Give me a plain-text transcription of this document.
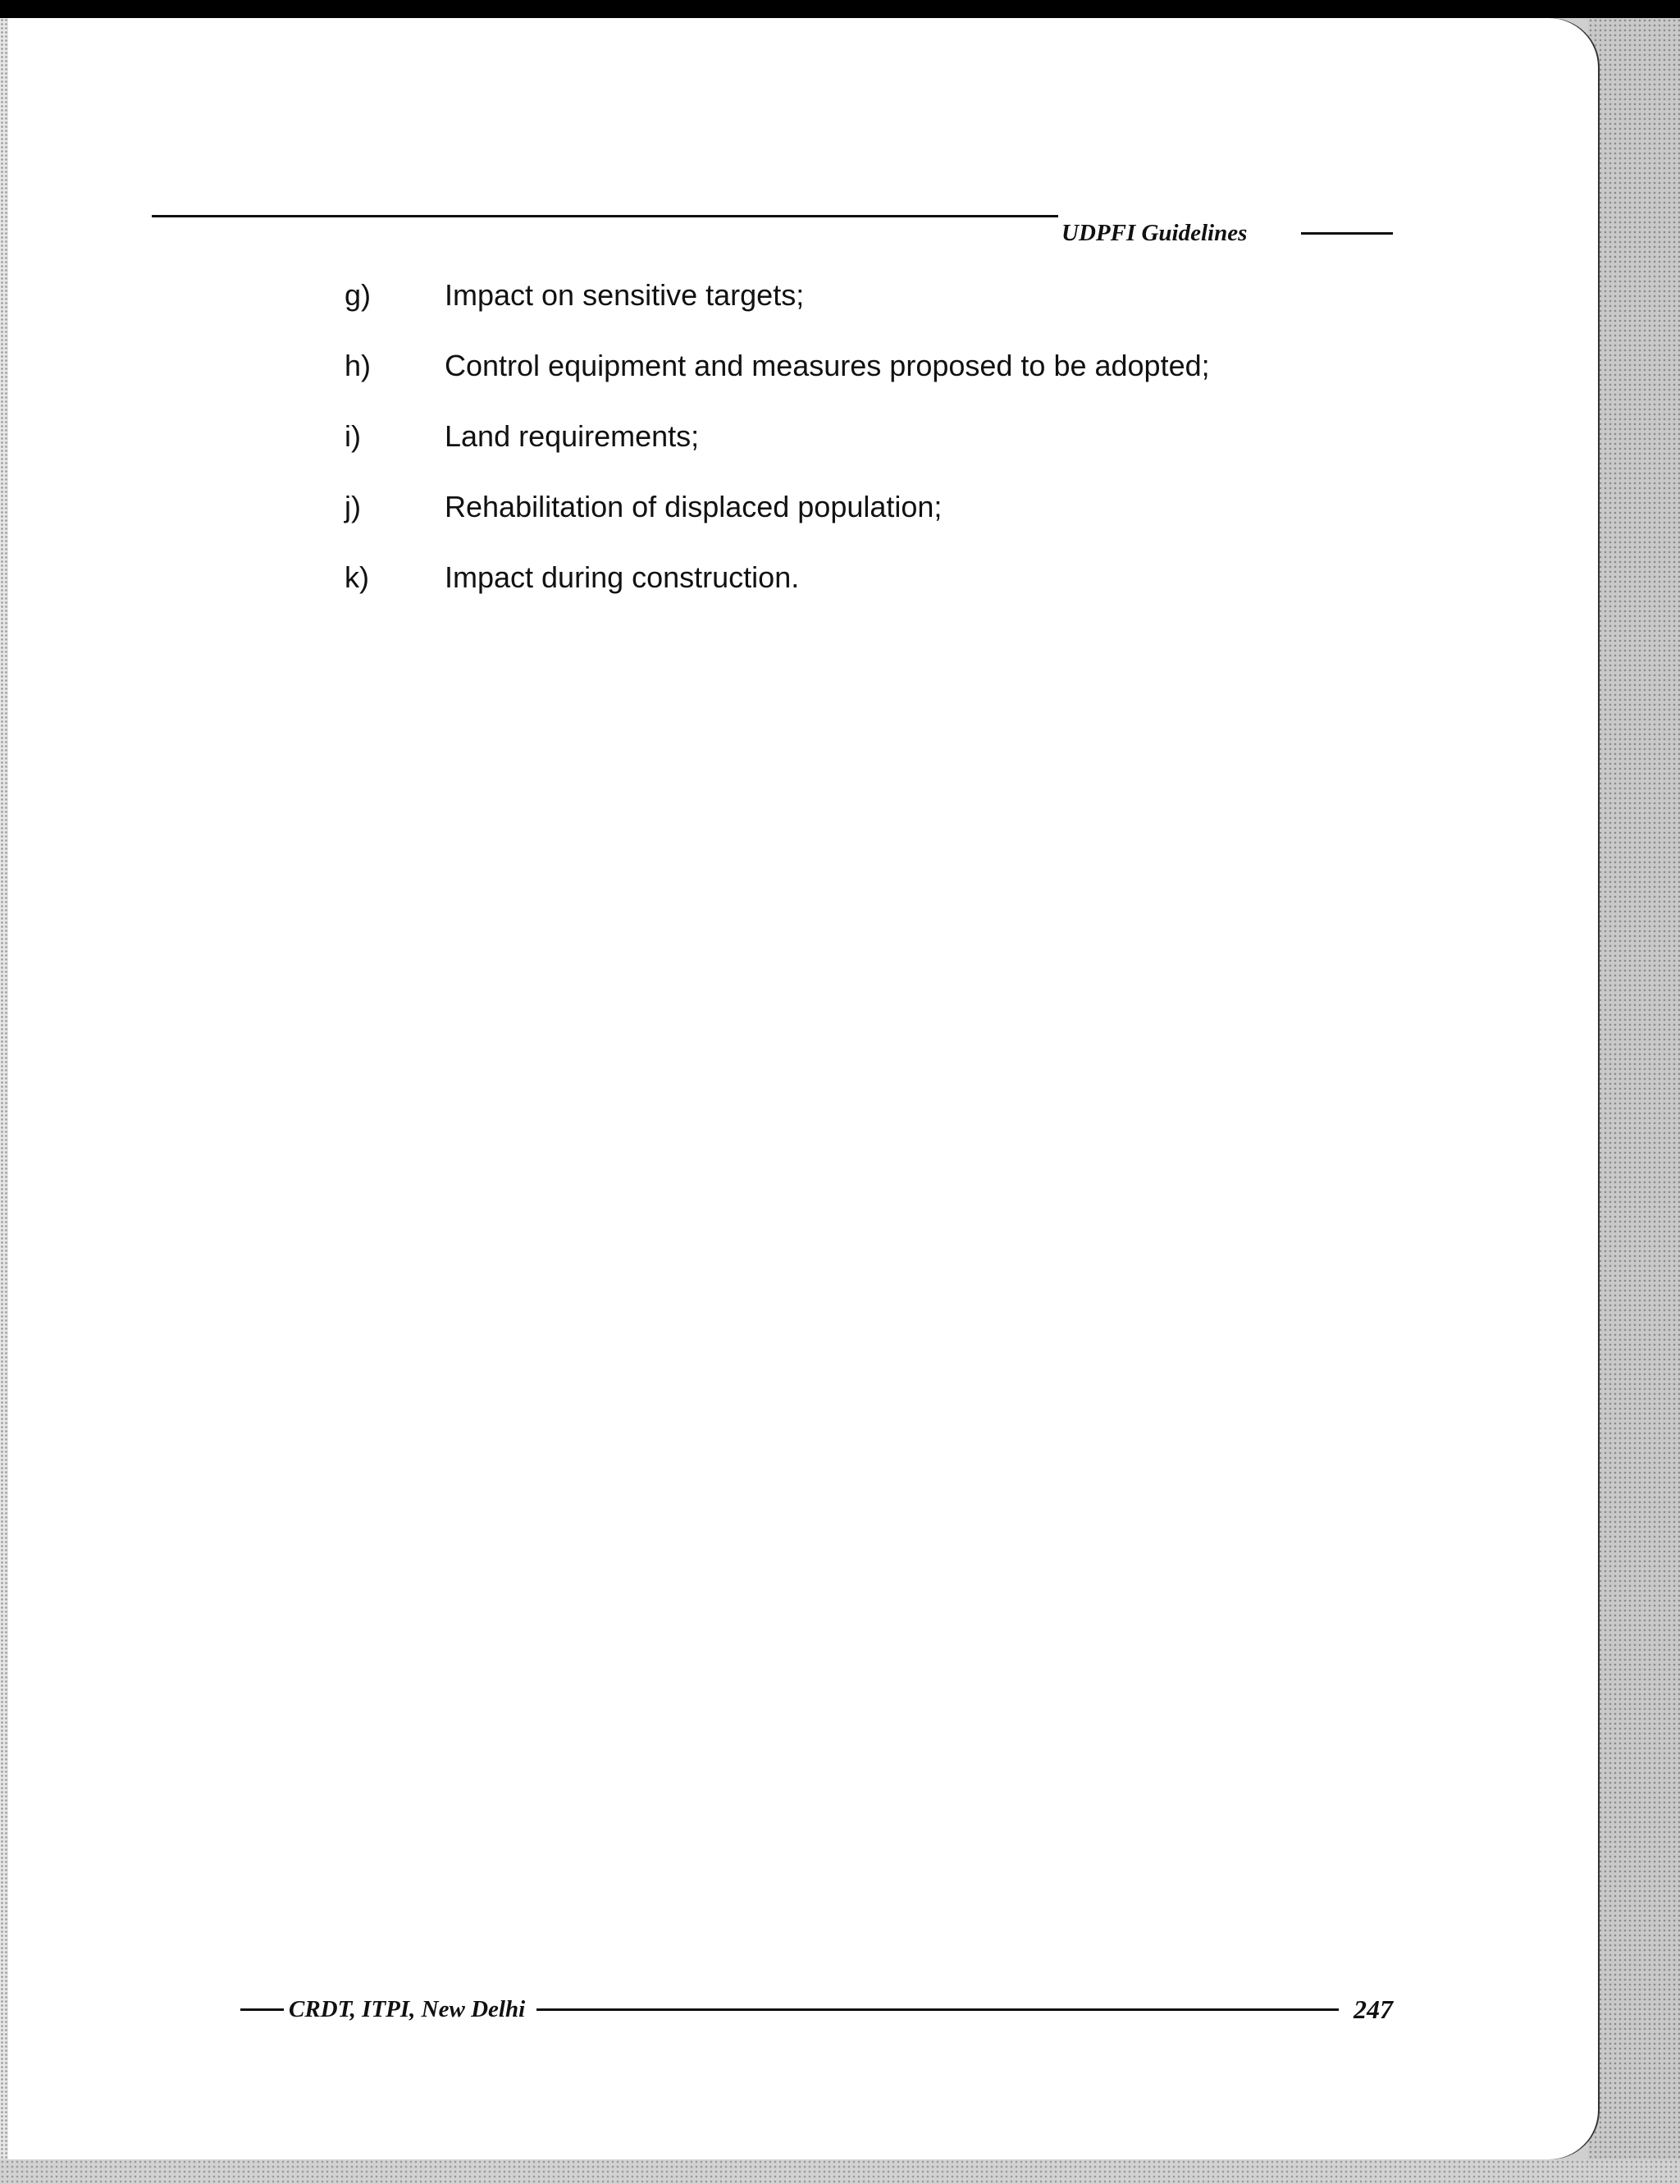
UDPFI Guidelines
g) Impact on sensitive targets;
h) Control equipment and measures proposed to be adopted;
i)	Land requirements;
j)	Rehabilitation of displaced population;
k)	Impact during construction.
CRDT, ITPI, New Delhi	247
